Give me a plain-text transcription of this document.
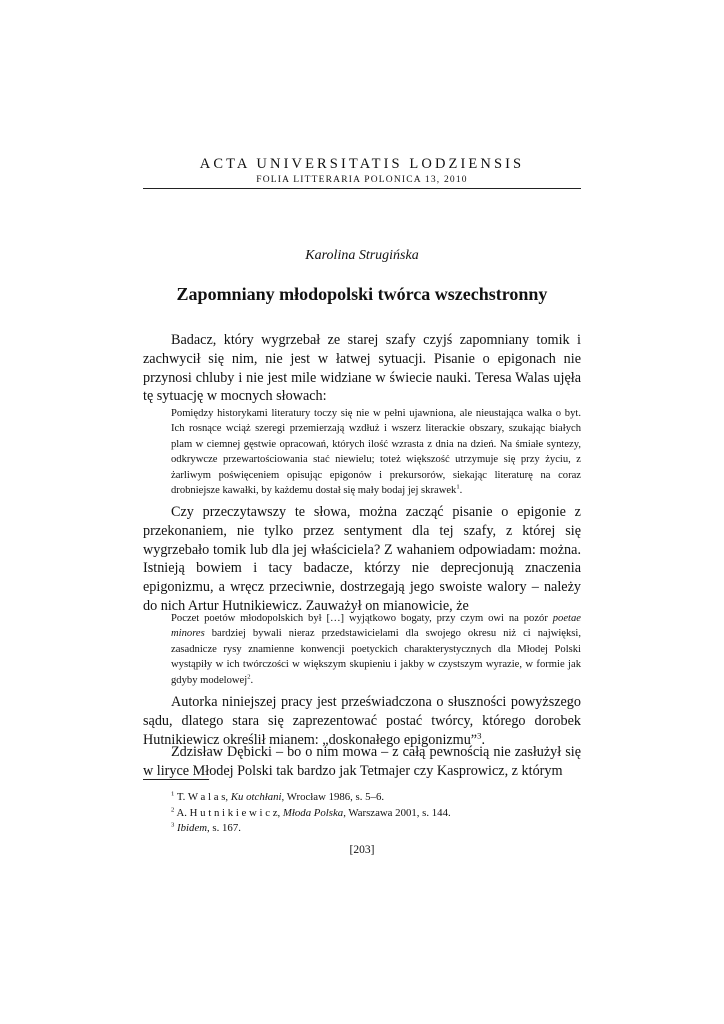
ACTA UNIVERSITATIS LODZIENSIS
FOLIA LITTERARIA POLONICA 13, 2010
Karolina Strugińska
Zapomniany młodopolski twórca wszechstronny

Badacz, który wygrzebał ze starej szafy czyjś zapomniany tomik i zachwycił się nim, nie jest w łatwej sytuacji. Pisanie o epigonach nie przynosi chluby i nie jest mile widziane w świecie nauki. Teresa Walas ujęła tę sytuację w mocnych słowach:

Pomiędzy historykami literatury toczy się nie w pełni ujawniona, ale nieustająca walka o byt. Ich rosnące wciąż szeregi przemierzają wzdłuż i wszerz literackie obszary, szukając białych plam w ciemnej gęstwie opracowań, których ilość wzrasta z dnia na dzień. Na śmiałe syntezy, odkrywcze przewartościowania stać niewielu; toteż większość utrzymuje się przy życiu, z żarliwym poświęceniem opisując epigonów i prekursorów, siekając literaturę na coraz drobniejsze kawałki, by każdemu dostał się mały bodaj jej skrawek$^1$.

Czy przeczytawszy te słowa, można zacząć pisanie o epigonie z przekonaniem, nie tylko przez sentyment dla tej szafy, z której się wygrzebało tomik lub dla jej właściciela? Z wahaniem odpowiadam: można. Istnieją bowiem i tacy badacze, którzy nie deprecjonują znaczenia epigonizmu, a wręcz przeciwnie, dostrzegają jego swoiste walory – należy do nich Artur Hutnikiewicz. Zauważył on mianowicie, że

Poczet poetów młodopolskich był […] wyjątkowo bogaty, przy czym owi na pozór poetae minores bardziej bywali nieraz przedstawicielami dla swojego okresu niż ci najwięksi, zasadnicze rysy znamienne konwencji poetyckich charakterystycznych dla Młodej Polski wystąpiły w ich twórczości w większym skupieniu i jakby w czystszym wyrazie, w formie jak gdyby modelowej$^2$.

Autorka niniejszej pracy jest przeświadczona o słuszności powyższego sądu, dlatego stara się zaprezentować postać twórcy, którego dorobek Hutnikiewicz określił mianem: „doskonałego epigonizmu”$^3$.

Zdzisław Dębicki – bo o nim mowa – z całą pewnością nie zasłużył się w liryce Młodej Polski tak bardzo jak Tetmajer czy Kasprowicz, z którym

$^1$ T. W a l a s, Ku otchłani, Wrocław 1986, s. 5–6.
$^2$ A. H u t n i k i e w i c z, Młoda Polska, Warszawa 2001, s. 144.
$^3$ Ibidem, s. 167.
[203]
